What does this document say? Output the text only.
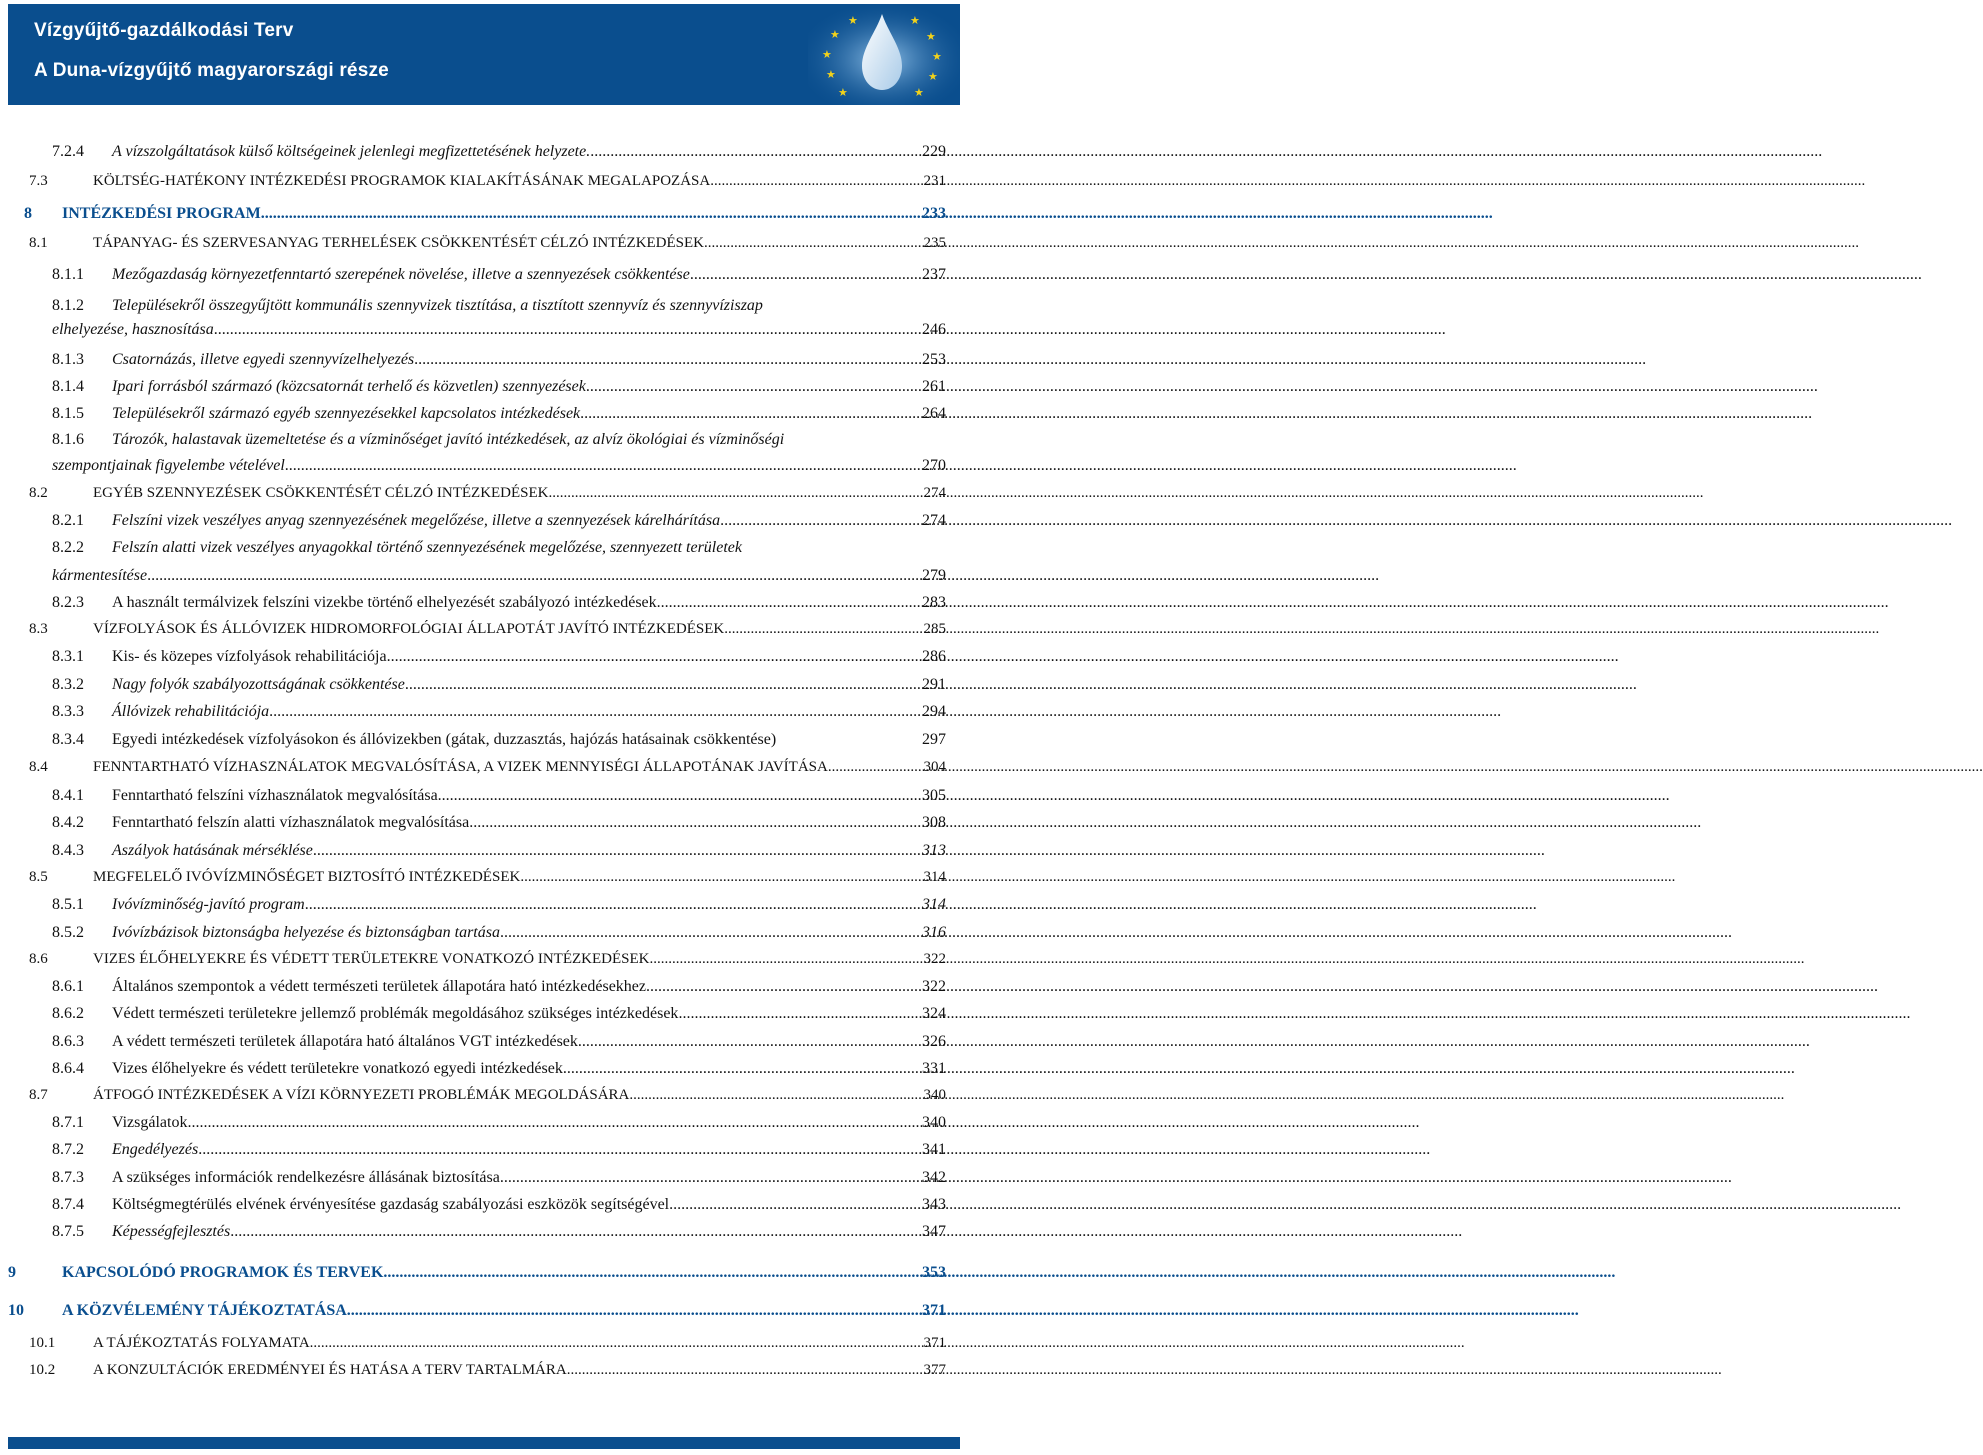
Vízgyűjtő-gazdálkodási Terv
A Duna-vízgyűjtő magyarországi része
★
★
★
★
★	★
★
★
★
★
7.2.4 A vízszolgáltatások külső költségeinek jelenlegi megfizettetésének helyzete. .....	229
7.3	KÖLTSÉG-HATÉKONY INTÉZKEDÉSI PROGRAMOK KIALAKÍTÁSÁNAK MEGALAPOZÁSA .....	231
8 INTÉZKEDÉSI PROGRAM .....	233
8.1	TÁPANYAG- ÉS SZERVESANYAG TERHELÉSEK CSÖKKENTÉSÉT CÉLZÓ INTÉZKEDÉSEK .....	235
8.1.1 Mezőgazdaság környezetfenntartó szerepének növelése, illetve a szennyezések csökkentése .....	237
8.1.2 Településekről összegyűjtött kommunális szennyvizek tisztítása, a tisztított szennyvíz és szennyvíziszap
elhelyezése, hasznosítása .....	246
8.1.3 Csatornázás, illetve egyedi szennyvízelhelyezés .....	253
8.1.4 Ipari forrásból származó (közcsatornát terhelő és közvetlen) szennyezések .....	261
8.1.5 Településekről származó egyéb szennyezésekkel kapcsolatos intézkedések .....	264
8.1.6 Tározók, halastavak üzemeltetése és a vízminőséget javító intézkedések, az alvíz ökológiai és vízminőségi
szempontjainak figyelembe vételével .....	270
8.2	EGYÉB SZENNYEZÉSEK CSÖKKENTÉSÉT CÉLZÓ INTÉZKEDÉSEK .....	274
8.2.1 Felszíni vizek veszélyes anyag szennyezésének megelőzése, illetve a szennyezések kárelhárítása .....	274
8.2.2 Felszín alatti vizek veszélyes anyagokkal történő szennyezésének megelőzése, szennyezett területek
kármentesítése .....	279
8.2.3 A használt termálvizek felszíni vizekbe történő elhelyezését szabályozó intézkedések .....	283
8.3	VÍZFOLYÁSOK ÉS ÁLLÓVIZEK HIDROMORFOLÓGIAI ÁLLAPOTÁT JAVÍTÓ INTÉZKEDÉSEK .....	285
8.3.1 Kis- és közepes vízfolyások rehabilitációja .....	286
8.3.2 Nagy folyók szabályozottságának csökkentése .....	291
8.3.3 Állóvizek rehabilitációja .....	294
8.3.4 Egyedi intézkedések vízfolyásokon és állóvizekben (gátak, duzzasztás, hajózás hatásainak csökkentése)	297
8.4	FENNTARTHATÓ VÍZHASZNÁLATOK MEGVALÓSÍTÁSA, A VIZEK MENNYISÉGI ÁLLAPOTÁNAK JAVÍTÁSA .....	304
8.4.1 Fenntartható felszíni vízhasználatok megvalósítása .....	305
8.4.2 Fenntartható felszín alatti vízhasználatok megvalósítása .....	308
8.4.3 Aszályok hatásának mérséklése .....	313
8.5	MEGFELELŐ IVÓVÍZMINŐSÉGET BIZTOSÍTÓ INTÉZKEDÉSEK .....	314
8.5.1 Ivóvízminőség-javító program .....	314
8.5.2 Ivóvízbázisok biztonságba helyezése és biztonságban tartása .....	316
8.6	VIZES ÉLŐHELYEKRE ÉS VÉDETT TERÜLETEKRE VONATKOZÓ INTÉZKEDÉSEK .....	322
8.6.1 Általános szempontok a védett természeti területek állapotára ható intézkedésekhez .....	322
8.6.2 Védett természeti területekre jellemző problémák megoldásához szükséges intézkedések .....	324
8.6.3 A védett természeti területek állapotára ható általános VGT intézkedések .....	326
8.6.4 Vizes élőhelyekre és védett területekre vonatkozó egyedi intézkedések .....	331
8.7	ÁTFOGÓ INTÉZKEDÉSEK A VÍZI KÖRNYEZETI PROBLÉMÁK MEGOLDÁSÁRA .....	340
8.7.1 Vizsgálatok .....	340
8.7.2 Engedélyezés .....	341
8.7.3 A szükséges információk rendelkezésre állásának biztosítása .....	342
8.7.4 Költségmegtérülés elvének érvényesítése gazdaság szabályozási eszközök segítségével .....	343
8.7.5 Képességfejlesztés .....	347
9	KAPCSOLÓDÓ PROGRAMOK ÉS TERVEK .....	353
10 A KÖZVÉLEMÉNY TÁJÉKOZTATÁSA .....	371
10.1	A TÁJÉKOZTATÁS FOLYAMATA .....	371
10.2	A KONZULTÁCIÓK EREDMÉNYEI ÉS HATÁSA A TERV TARTALMÁRA .....	377
